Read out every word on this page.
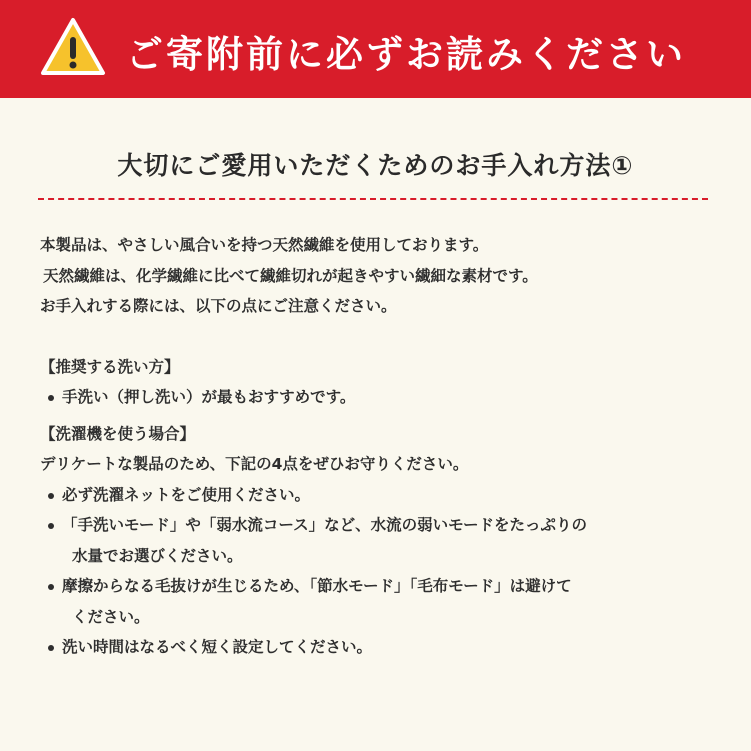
ご寄附前に必ずお読みください
大切にご愛用いただくためのお手入れ方法①
本製品は、やさしい風合いを持つ天然繊維を使用しております。
天然繊維は、化学繊維に比べて繊維切れが起きやすい繊細な素材です。
お手入れする際には、以下の点にご注意ください。
【推奨する洗い方】
手洗い（押し洗い）が最もおすすめです。
【洗濯機を使う場合】
デリケートな製品のため、下記の4点をぜひお守りください。
必ず洗濯ネットをご使用ください。
「手洗いモード」や「弱水流コース」など、水流の弱いモードをたっぷりの
水量でお選びください。
摩擦からなる毛抜けが生じるため、「節水モード」「毛布モード」は避けて
ください。
洗い時間はなるべく短く設定してください。
